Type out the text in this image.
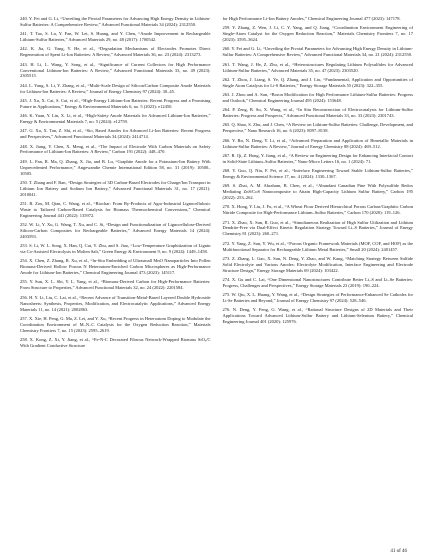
240. Y. Fei and G. Li, “Unveiling the Pivotal Parameters for Advancing High Energy Density in Lithium-Sulfur Batteries: A Comprehensive Review,” Advanced Functional Materials 34 (2024): 2312550.

241. T. Tao, S. Lu, Y. Fan, W. Lei, S. Huang, and Y. Chen, “Anode Improvement in Rechargeable Lithium-Sulfur Batteries,” Advanced Materials 29, no. 48 (2017): 1700542.

242. K. Jia, G. Yang, Y. He, et al., “Degradation Mechanisms of Electrodes Promotes Direct Regeneration of Spent Li-Ion Batteries: A Review,” Advanced Materials 36, no. 23 (2024): 2313273.

243. H. Li, L. Wang, Y. Song, et al., “Significance of Current Collectors for High Performance Conventional Lithium-Ion Batteries: A Review,” Advanced Functional Materials 33, no. 49 (2023): 2305515.

244. L. Yang, S. Li, Y. Zhang, et al., “Multi-Scale Design of Silicon/Carbon Composite Anode Materials for Lithium-Ion Batteries: A Review,” Journal of Energy Chemistry 97 (2024): 30–45.

245. J. Xu, X. Cai, S. Cai, et al., “High-Energy Lithium-Ion Batteries: Recent Progress and a Promising Future in Applications,” Energy & Environmental Materials 6, no. 5 (2023): e12450.

246. K. Yuan, Y. Lin, X. Li, et al., “High-Safety Anode Materials for Advanced Lithium-Ion Batteries,” Energy & Environmental Materials 7, no. 5 (2024): e12759.

247. G. Xu, X. Tan, Z. Shi, et al., “Sio, Based Anodes for Advanced Li-Ion Batteries: Recent Progress and Perspectives,” Advanced Functional Materials 34 (2024): 2414714.

248. X. Jiang, Y. Chen, X. Meng, et al., “The Impact of Electrode With Carbon Materials on Safety Performance of Lithium-Ion Batteries: A Review,” Carbon 191 (2022): 448–470.

249. L. Fan, R. Ma, Q. Zhang, X. Jia, and B. Lu, “Graphite Anode for a Potassium-Ion Battery With Unprecedented Performance,” Angewandte Chemie International Edition 58, no. 31 (2019): 10500–10505.

250. T. Zhang and F. Ran, “Design Strategies of 3D Carbon-Based Electrodes for Charge/Ion Transport in Lithium Ion Battery and Sodium Ion Battery,” Advanced Functional Materials 31, no. 17 (2021): 2010041.

251. R. Zou, M. Qian, C. Wang, et al., “Biochar: From By-Products of Agro-Industrial Lignocellulosic Waste to Tailored Carbon-Based Catalysts for Biomass Thermochemical Conversions,” Chemical Engineering Journal 441 (2022): 135972.

252. W. Li, Y. Xu, G. Wang, T. Xu, and C. Si, “Design and Functionalization of Lignocellulose-Derived Silicon-Carbon Composites for Rechargeable Batteries,” Advanced Energy Materials 14 (2024): 2403593.

253. S. Li, W. L. Song, X. Han, Q. Cui, Y. Zhu, and S. Jiao, “Low-Temperature Graphitization of Lignin via Co-Assisted Electrolysis in Molten Salt,” Green Energy & Environment 9, no. 9 (2024): 1449–1458.

254. X. Chen, Z. Zhang, R. Xu, et al., “In-Situ Embedding of Ultrasmall MnO Nanoparticles Into Pollen Biomass-Derived Hollow Porous N Heteroatom-Enriched Carbon Microspheres as High-Performance Anode for Lithium-Ion Batteries,” Chemical Engineering Journal 473 (2023): 145117.

255. Y. Sun, X. L. Shi, Y. L. Yang, et al., “Biomass-Derived Carbon for High-Performance Batteries: From Structure to Properties,” Advanced Functional Materials 32, no. 24 (2022): 2201584.

256. H. Y. Li, Liu, C. Lai, et al., “Recent Advance of Transition-Metal-Based Layered Double Hydroxide Nanosheets: Synthesis, Properties, Modification, and Electrocatalytic Applications,” Advanced Energy Materials 11, no. 14 (2021): 2002863.

257. X. Xie, H. Peng, G. Ma, Z. Lei, and Y. Xu, “Recent Progress in Heteroatom Doping to Modulate the Coordination Environment of M–N–C Catalysts for the Oxygen Reduction Reaction,” Materials Chemistry Frontiers 7, no. 15 (2023): 2595–2619.

258. X. Kong, Z. Xi, Y. Jiang, et al., “Fe-N-C Decorated Fibrous Network-Wrapped Biomass SiOₓ/C With Gradient Conductive Structure

for High Performance Li-Ion Battery Anodes,” Chemical Engineering Journal 477 (2023): 147178.

259. Y. Zhang, Z. Wen, J. Li, C. Y. Yang, and Q. Jiang, “Coordination Environment Engineering of Single-Atom Catalyst for the Oxygen Reduction Reaction,” Materials Chemistry Frontiers 7, no. 17 (2023): 3595–3624.

260. Y. Fei and G. Li, “Unveiling the Pivotal Parameters for Advancing High Energy Density in Lithium-Sulfur Batteries: A Comprehensive Review,” Advanced Functional Materials 34, no. 21 (2024): 2312550.

261. T. Wang, J. He, Z. Zhu, et al., “Heterostructures Regulating Lithium Polysulfides for Advanced Lithium-Sulfur Batteries,” Advanced Materials 35, no. 47 (2023): 2303520.

262. T. Zhou, J. Liang, S. Ye, Q. Zhang, and J. Liu, “Fundamental, Application and Opportunities of Single Atom Catalysts for Li-S Batteries,” Energy Storage Materials 55 (2023): 322–355.

263. J. Zhou and A. Sun, “Boron Modification for High Performance Lithium-Sulfur Batteries: Progress and Outlook,” Chemical Engineering Journal 495 (2024): 153648.

264. P. Zeng, B. Su, X. Wang, et al., “In Situ Reconstruction of Electrocatalysts for Lithium-Sulfur Batteries: Progress and Prospects,” Advanced Functional Materials 33, no. 33 (2023): 2301743.

265. Q. Shao, S. Zhu, and J. Chen, “A Review on Lithium-Sulfur Batteries: Challenge, Development, and Perspective,” Nano Research 16, no. 6 (2023): 8097–8138.

266. Y. Rn, N. Deng, Y. Li, et al., “Advanced Preparation and Application of Bimetallic Materials in Lithium-Sulfur Batteries: A Review,” Journal of Energy Chemistry 88 (2024): 469–512.

267. R. Qi, Z. Hong, Y. Jiang, et al., “A Review on Engineering Design for Enhancing Interfacial Contact in Solid-State Lithium–Sulfur Batteries,” Nano-Micro Letters 16, no. 1 (2024): 71.

268. Y. Guo, Q. Niu, F. Pei, et al., “Interface Engineering Toward Stable Lithium-Sulfur Batteries,” Energy & Environmental Science 17, no. 4 (2024): 1330–1367.

269. S. Zhai, A. M. Abraham, B. Chen, et al., “Abundant Canadian Pine With Polysulfide Redox Mediating ZnS/CoS Nanocomposite to Attain High-Capacity Lithium Sulfur Battery,” Carbon 195 (2022): 253–262.

270. X. Hong, Y. Liu, J. Fu, et al., “A Wheat Flour Derived Hierarchical Porous Carbon/Graphitic Carbon Nitride Composite for High-Performance Lithium–Sulfur Batteries,” Carbon 170 (2020): 119–126.

271. X. Zhao, X. Sun, R. Guo, et al., “Simultaneous Realization of High Sulfur Utilization and Lithium Dendrite-Free via Dual-Effect Kinetic Regulation Strategy Toward Li–S Batteries,” Journal of Energy Chemistry 81 (2023): 260–271.

272. Y. Yang, Z. Sun, Y. Wu, et al., “Porous Organic Framework Materials (MOF, COF, and HOF) as the Multifunctional Separator for Rechargeable Lithium Metal Batteries,” Small 20 (2024): 2401457.

273. Z. Zhang, L. Gao, X. Sun, N. Deng, Y. Zhao, and W. Kang, “Matching Strategy Between Sulfide Solid Electrolyte and Various Anodes: Electrolyte Modification, Interface Engineering and Electrode Structure Design,” Energy Storage Materials 69 (2024): 103422.

274. X. Gu and C. Lai, “One Dimensional Nanostructures Contribute Better Li–S and Li–Se Batteries: Progress, Challenges and Perspectives,” Energy Storage Materials 23 (2019): 190–224.

275. W. Qiu, X. L. Huang, Y. Wang, et al., “Design Strategies of Performance-Enhanced Se Cathodes for Li-Se Batteries and Beyond,” Journal of Energy Chemistry 97 (2024): 528–546.

276. N. Deng, Y. Feng, G. Wang, et al., “Rational Structure Designs of 2D Materials and Their Applications Toward Advanced Lithium-Sulfur Battery and Lithium-Selenium Battery,” Chemical Engineering Journal 401 (2020): 125976.

41 of 46
